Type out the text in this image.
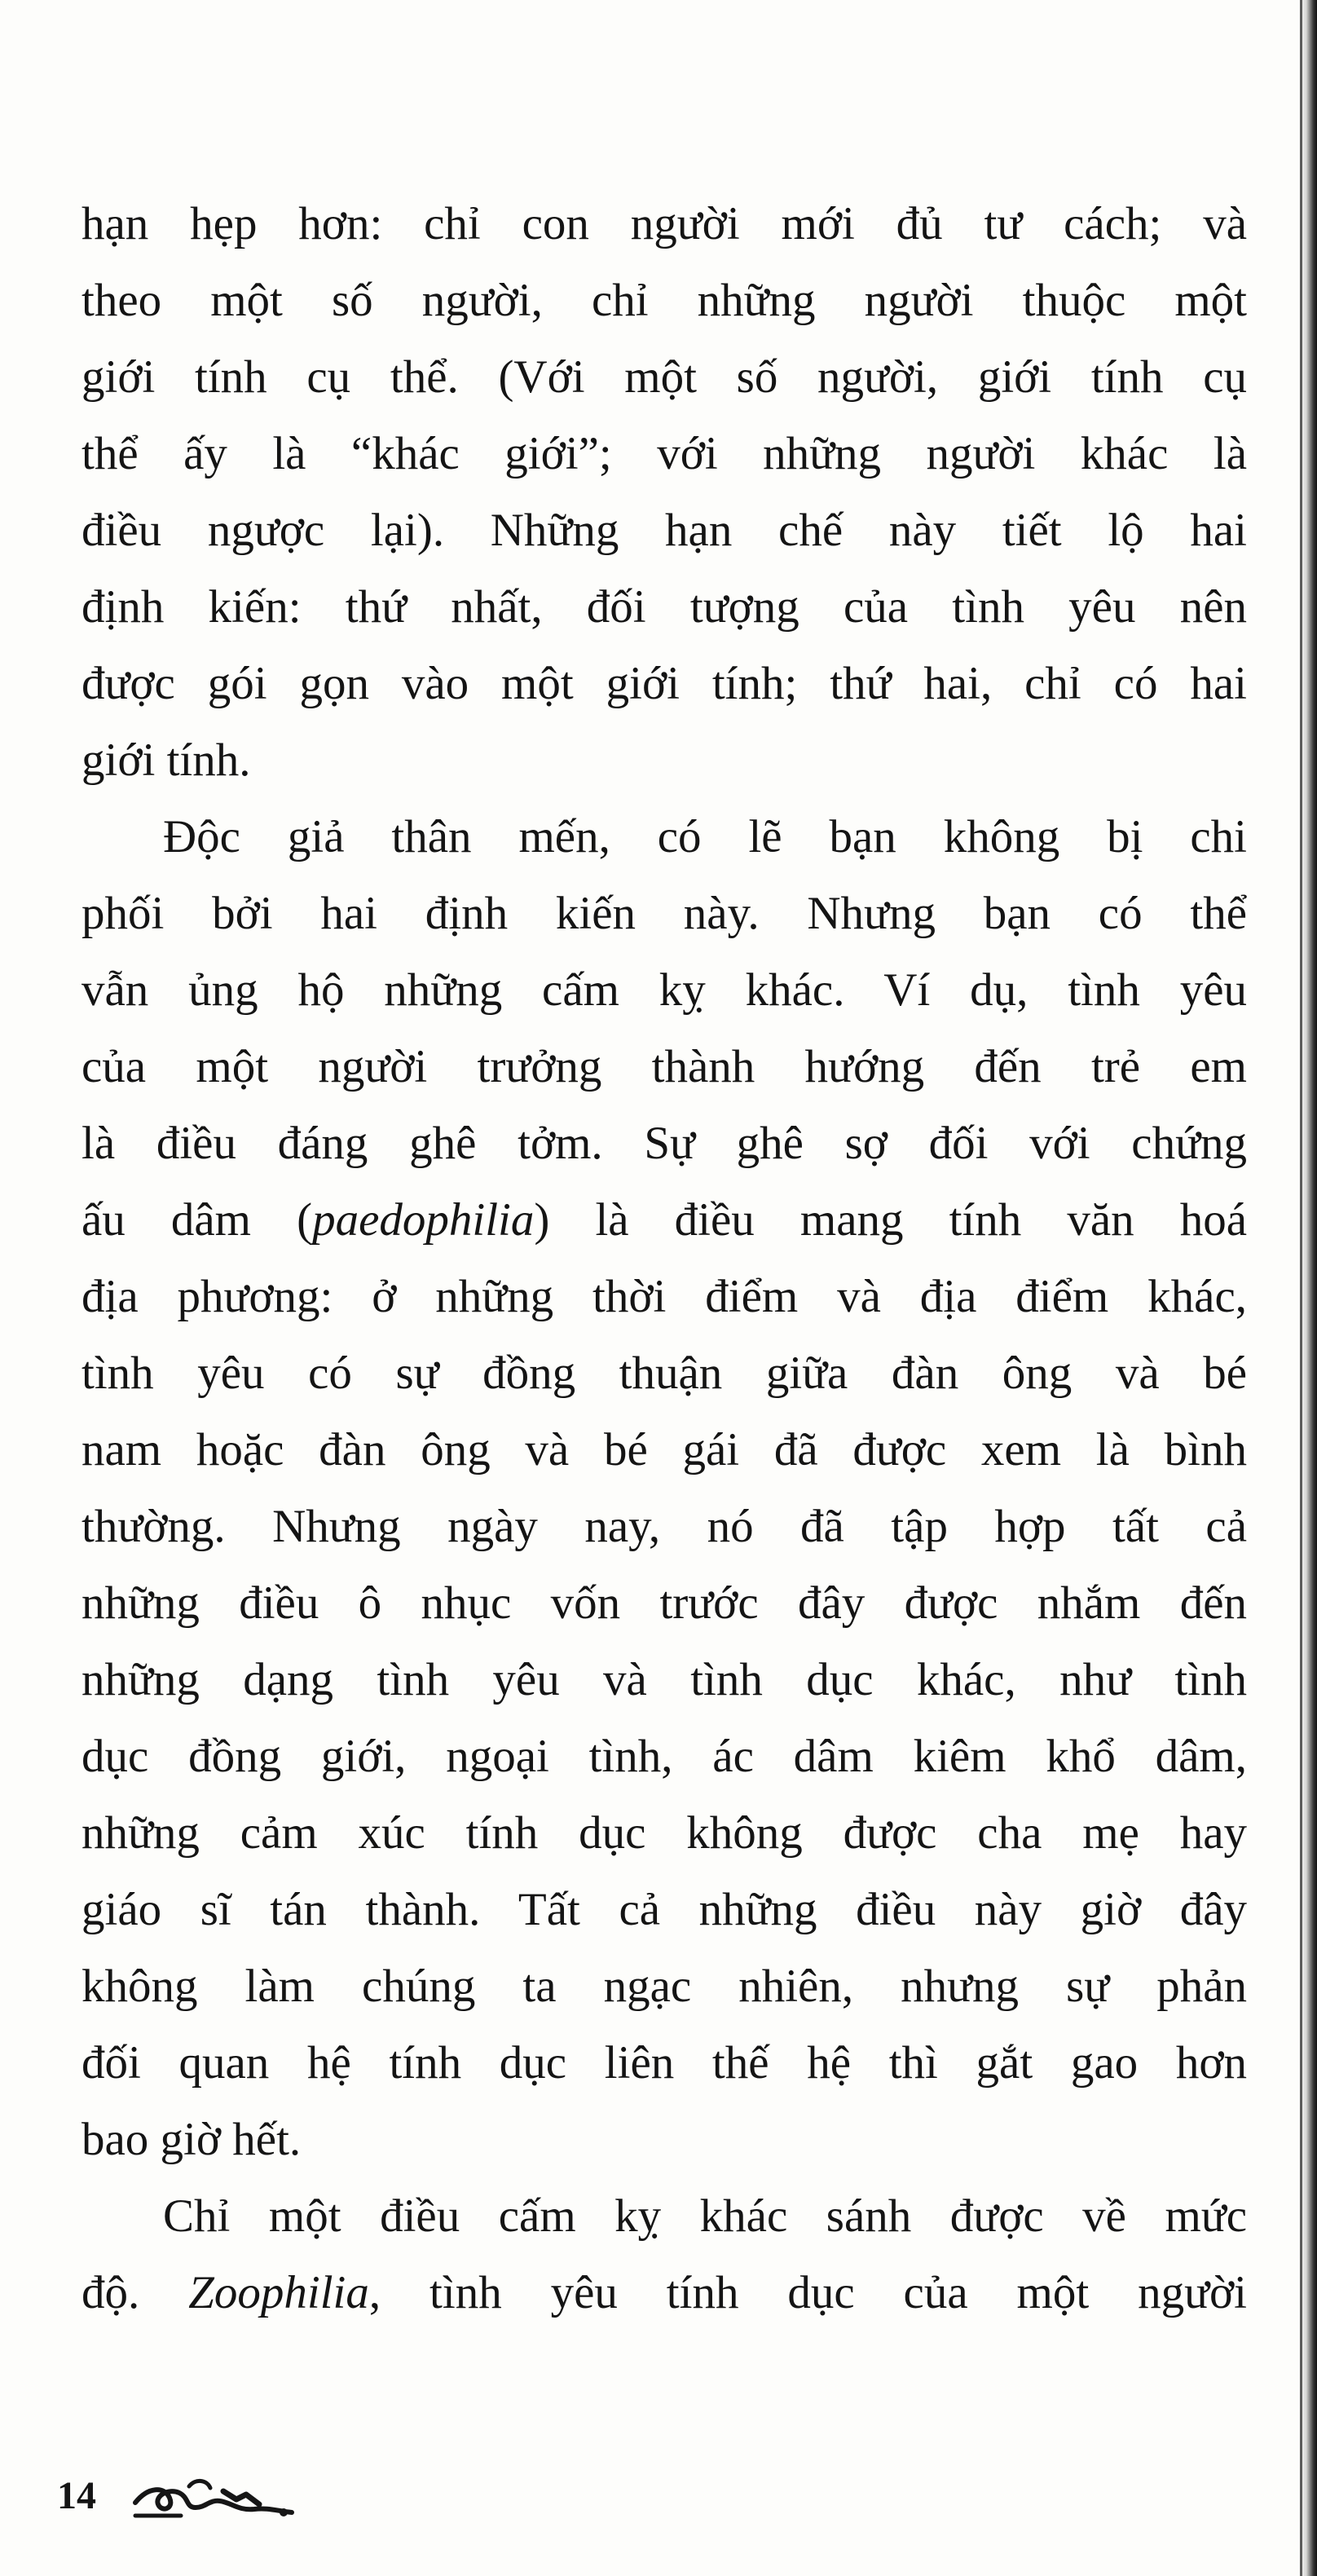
hạn hẹp hơn: chỉ con người mới đủ tư cách; và
theo một số người, chỉ những người thuộc một
giới tính cụ thể. (Với một số người, giới tính cụ
thể ấy là “khác giới”; với những người khác là
điều ngược lại). Những hạn chế này tiết lộ hai
định kiến: thứ nhất, đối tượng của tình yêu nên
được gói gọn vào một giới tính; thứ hai, chỉ có hai
giới tính.

Độc giả thân mến, có lẽ bạn không bị chi
phối bởi hai định kiến này. Nhưng bạn có thể
vẫn ủng hộ những cấm kỵ khác. Ví dụ, tình yêu
của một người trưởng thành hướng đến trẻ em
là điều đáng ghê tởm. Sự ghê sợ đối với chứng
ấu dâm (paedophilia) là điều mang tính văn hoá
địa phương: ở những thời điểm và địa điểm khác,
tình yêu có sự đồng thuận giữa đàn ông và bé
nam hoặc đàn ông và bé gái đã được xem là bình
thường. Nhưng ngày nay, nó đã tập hợp tất cả
những điều ô nhục vốn trước đây được nhắm đến
những dạng tình yêu và tình dục khác, như tình
dục đồng giới, ngoại tình, ác dâm kiêm khổ dâm,
những cảm xúc tính dục không được cha mẹ hay
giáo sĩ tán thành. Tất cả những điều này giờ đây
không làm chúng ta ngạc nhiên, nhưng sự phản
đối quan hệ tính dục liên thế hệ thì gắt gao hơn
bao giờ hết.

Chỉ một điều cấm kỵ khác sánh được về mức
độ. Zoophilia, tình yêu tính dục của một người

14
